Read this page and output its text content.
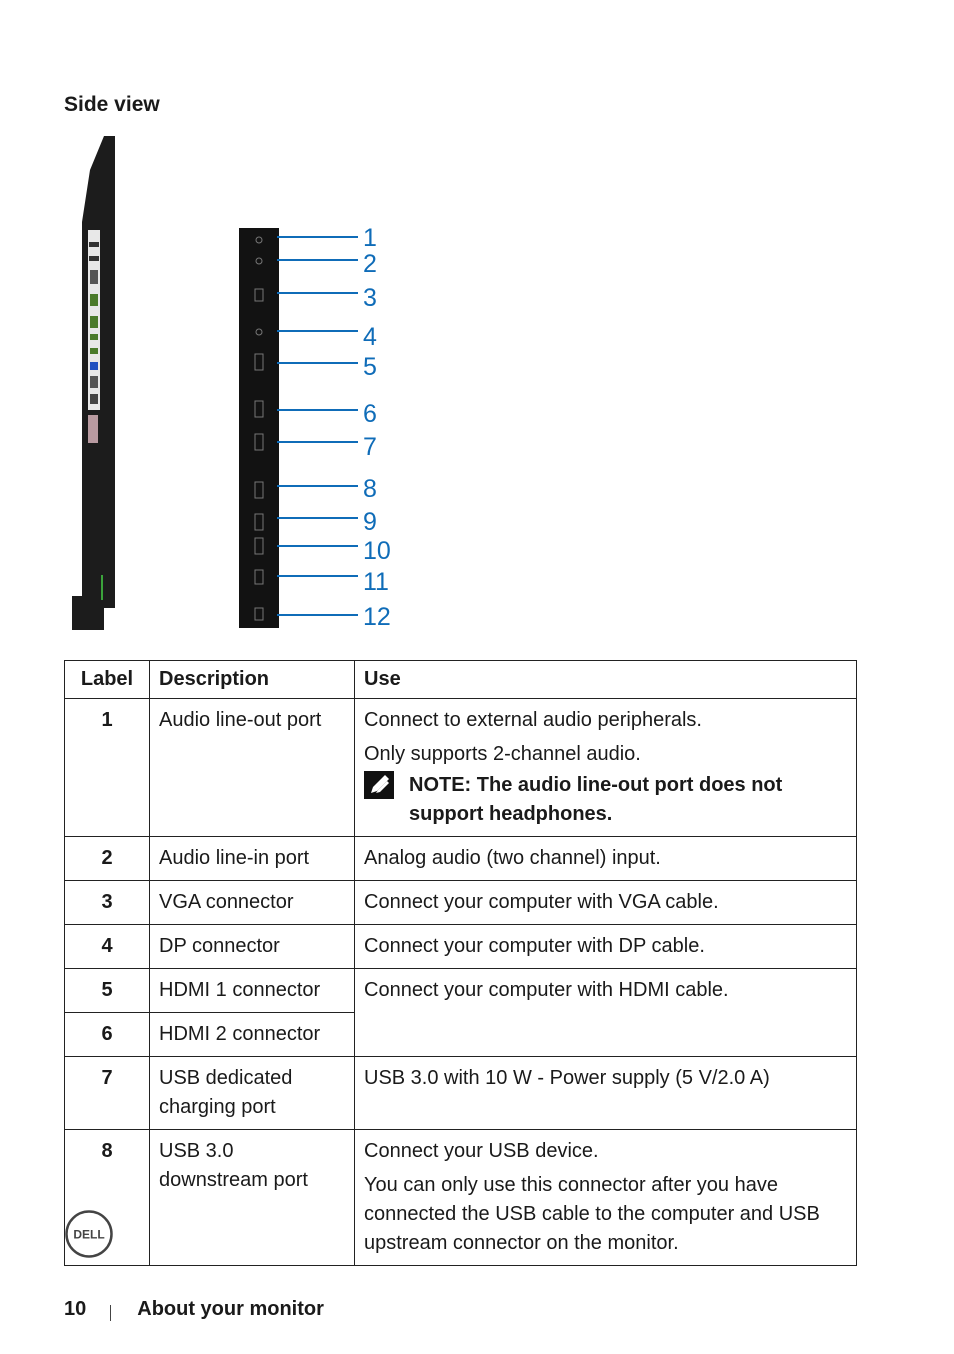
Side view
1
2
3
4
5
6
7
8
9
10
11
12
Label	Description	Use
1	Audio line-out port	Connect to external audio peripherals.

Only supports 2-channel audio.

NOTE: The audio line-out port does not support headphones.

2	Audio line-in port	Analog audio (two channel) input.
3	VGA connector	Connect your computer with VGA cable.
4	DP connector	Connect your computer with DP cable.
5	HDMI 1 connector	Connect your computer with HDMI cable.
6	HDMI 2 connector	
7	USB dedicated charging port	USB 3.0 with 10 W - Power supply (5 V/2.0 A)
8	USB 3.0 downstream port	Connect your USB device.

You can only use this connector after you have connected the USB cable to the computer and USB upstream connector on the monitor.

DELL
10	About your monitor
